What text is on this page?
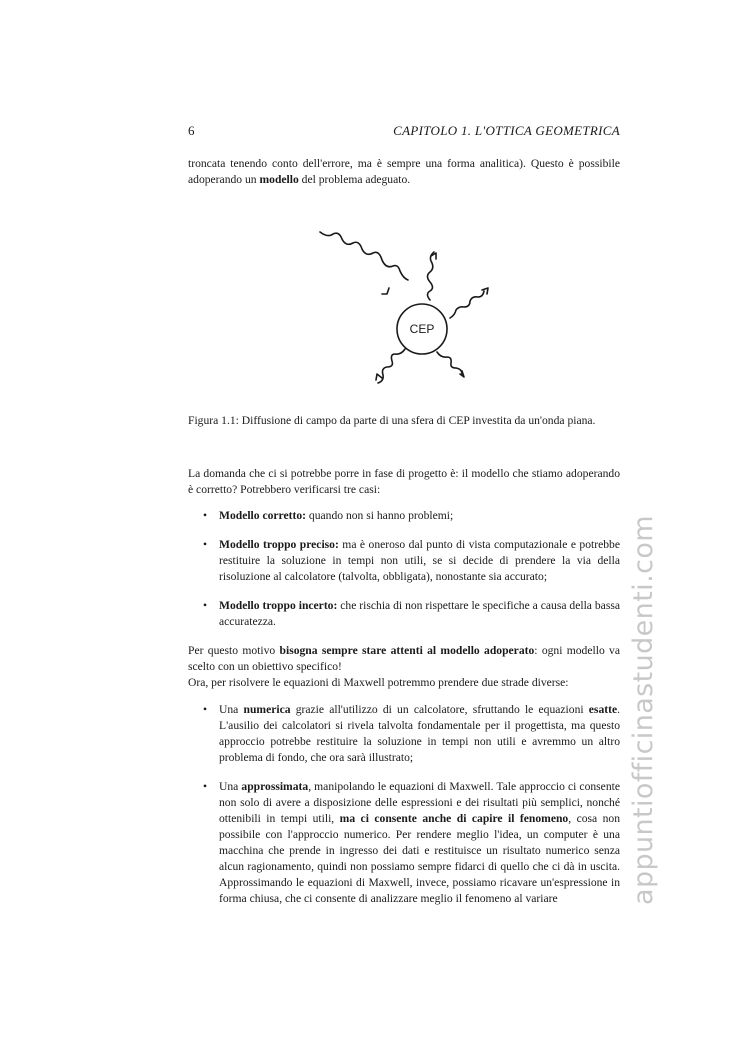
6	CAPITOLO 1. L'OTTICA GEOMETRICA

troncata tenendo conto dell'errore, ma è sempre una forma analitica). Questo è possibile adoperando un modello del problema adeguato.

CEP

Figura 1.1: Diffusione di campo da parte di una sfera di CEP investita da un'onda piana.

La domanda che ci si potrebbe porre in fase di progetto è: il modello che stiamo adoperando è corretto? Potrebbero verificarsi tre casi:

• Modello corretto: quando non si hanno problemi;
• Modello troppo preciso: ma è oneroso dal punto di vista computazionale e potrebbe restituire la soluzione in tempi non utili, se si decide di prendere la via della risoluzione al calcolatore (talvolta, obbligata), nonostante sia accurato;
• Modello troppo incerto: che rischia di non rispettare le specifiche a causa della bassa accuratezza.

Per questo motivo bisogna sempre stare attenti al modello adoperato: ogni modello va scelto con un obiettivo specifico!
Ora, per risolvere le equazioni di Maxwell potremmo prendere due strade diverse:

• Una numerica grazie all'utilizzo di un calcolatore, sfruttando le equazioni esatte. L'ausilio dei calcolatori si rivela talvolta fondamentale per il progettista, ma questo approccio potrebbe restituire la soluzione in tempi non utili e avremmo un altro problema di fondo, che ora sarà illustrato;
• Una approssimata, manipolando le equazioni di Maxwell. Tale approccio ci consente non solo di avere a disposizione delle espressioni e dei risultati più semplici, nonché ottenibili in tempi utili, ma ci consente anche di capire il fenomeno, cosa non possibile con l'approccio numerico. Per rendere meglio l'idea, un computer è una macchina che prende in ingresso dei dati e restituisce un risultato numerico senza alcun ragionamento, quindi non possiamo sempre fidarci di quello che ci dà in uscita. Approssimando le equazioni di Maxwell, invece, possiamo ricavare un'espressione in forma chiusa, che ci consente di analizzare meglio il fenomeno al variare	appuntiofficinastudenti.com
